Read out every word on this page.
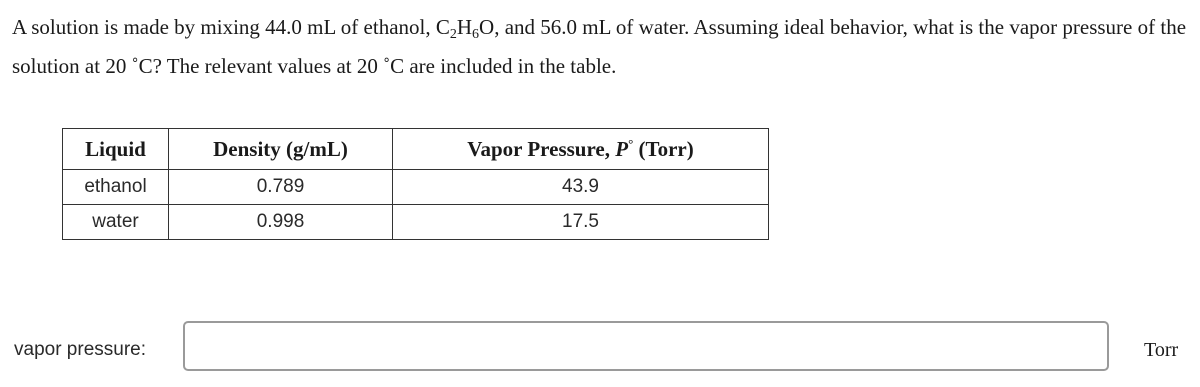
A solution is made by mixing 44.0 mL of ethanol, $C_2H_6O$, and 56.0 mL of water. Assuming ideal behavior, what is the vapor pressure of the solution at 20 ˚C? The relevant values at 20 ˚C are included in the table.

Liquid	Density (g/mL)	Vapor Pressure, P° (Torr)
ethanol	0.789	43.9
water	0.998	17.5
vapor pressure:	Torr
